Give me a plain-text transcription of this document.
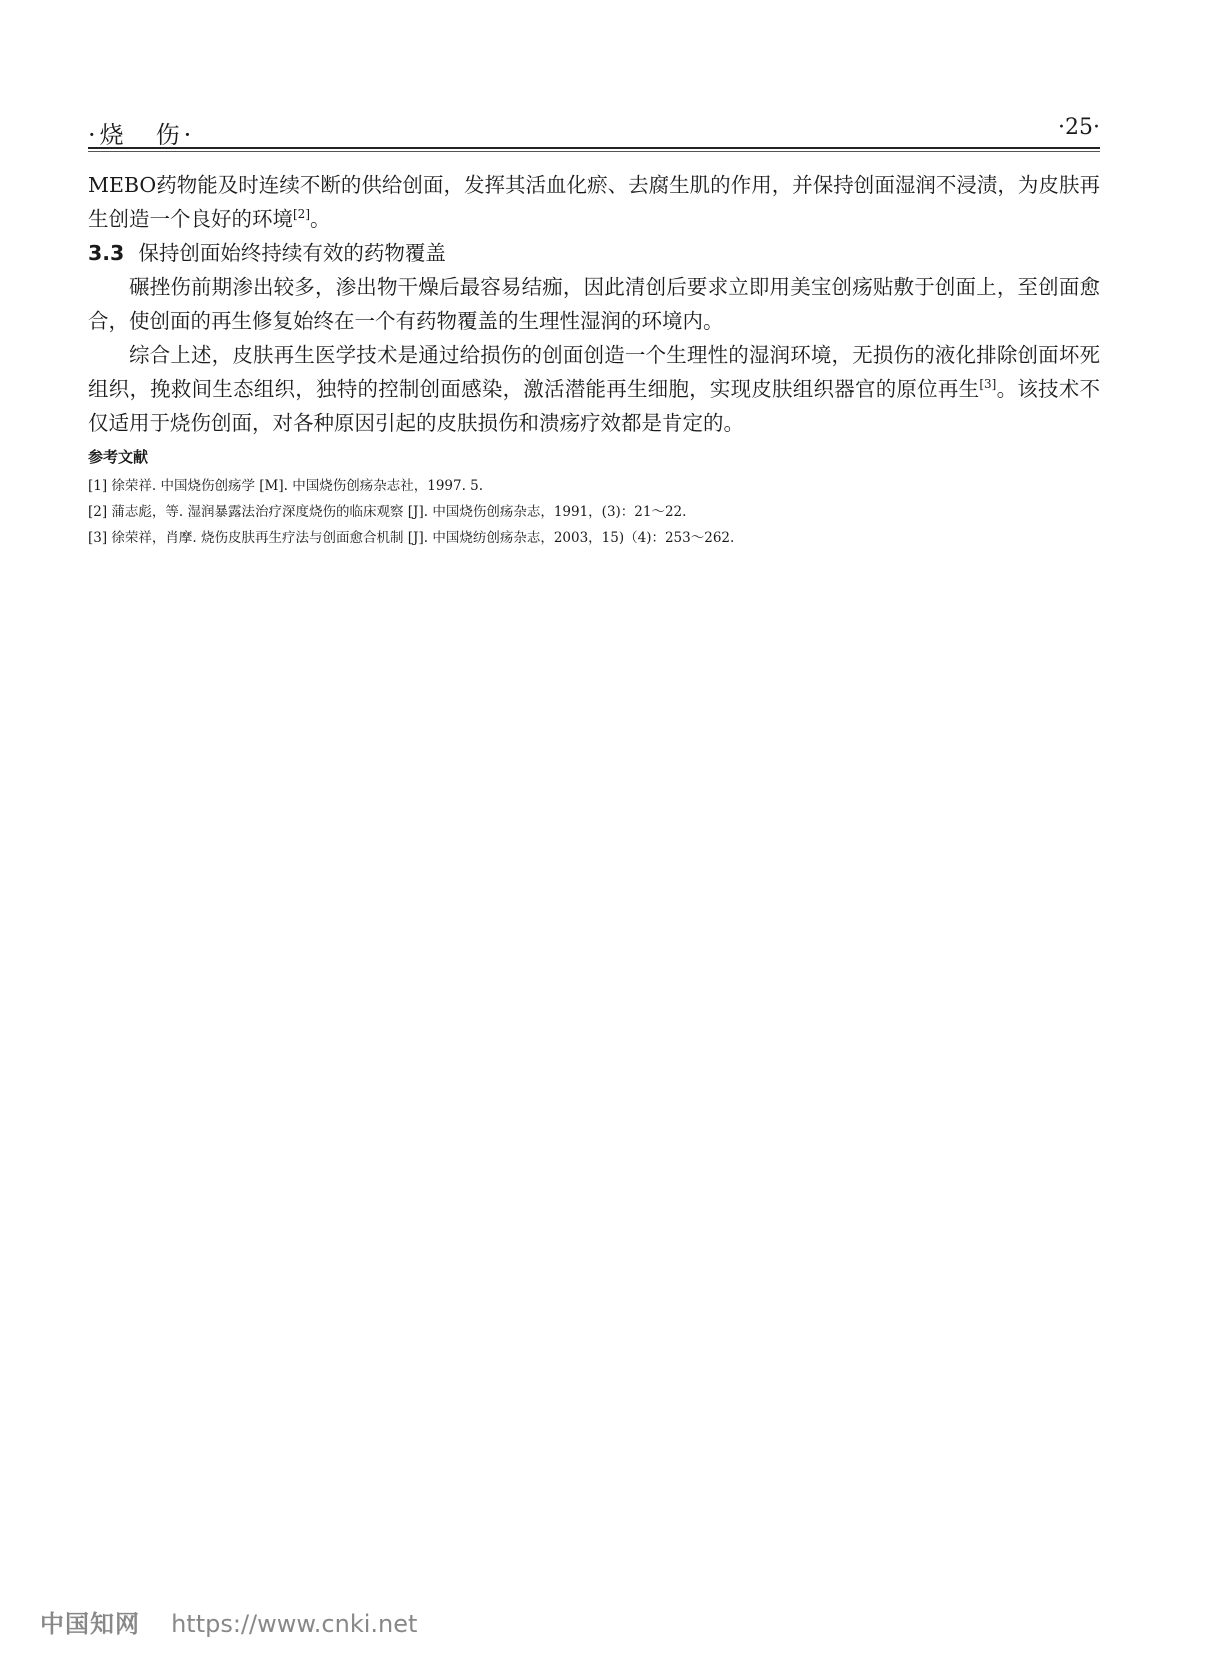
·烧　伤·	·25·

MEBO药物能及时连续不断的供给创面，发挥其活血化瘀、去腐生肌的作用，并保持创面湿润不浸渍，为皮肤再生创造一个良好的环境[2]。

3.3 保持创面始终持续有效的药物覆盖

碾挫伤前期渗出较多，渗出物干燥后最容易结痂，因此清创后要求立即用美宝创疡贴敷于创面上，至创面愈合，使创面的再生修复始终在一个有药物覆盖的生理性湿润的环境内。

综合上述，皮肤再生医学技术是通过给损伤的创面创造一个生理性的湿润环境，无损伤的液化排除创面坏死组织，挽救间生态组织，独特的控制创面感染，激活潜能再生细胞，实现皮肤组织器官的原位再生[3]。该技术不仅适用于烧伤创面，对各种原因引起的皮肤损伤和溃疡疗效都是肯定的。

参考文献

[1] 徐荣祥. 中国烧伤创疡学 [M]. 中国烧伤创疡杂志社，1997. 5.

[2] 蒲志彪，等. 湿润暴露法治疗深度烧伤的临床观察 [J]. 中国烧伤创疡杂志，1991，(3)：21～22.

[3] 徐荣祥，肖摩. 烧伤皮肤再生疗法与创面愈合机制 [J]. 中国烧纺创疡杂志，2003，15)（4)：253～262.

中国知网 https://www.cnki.net
